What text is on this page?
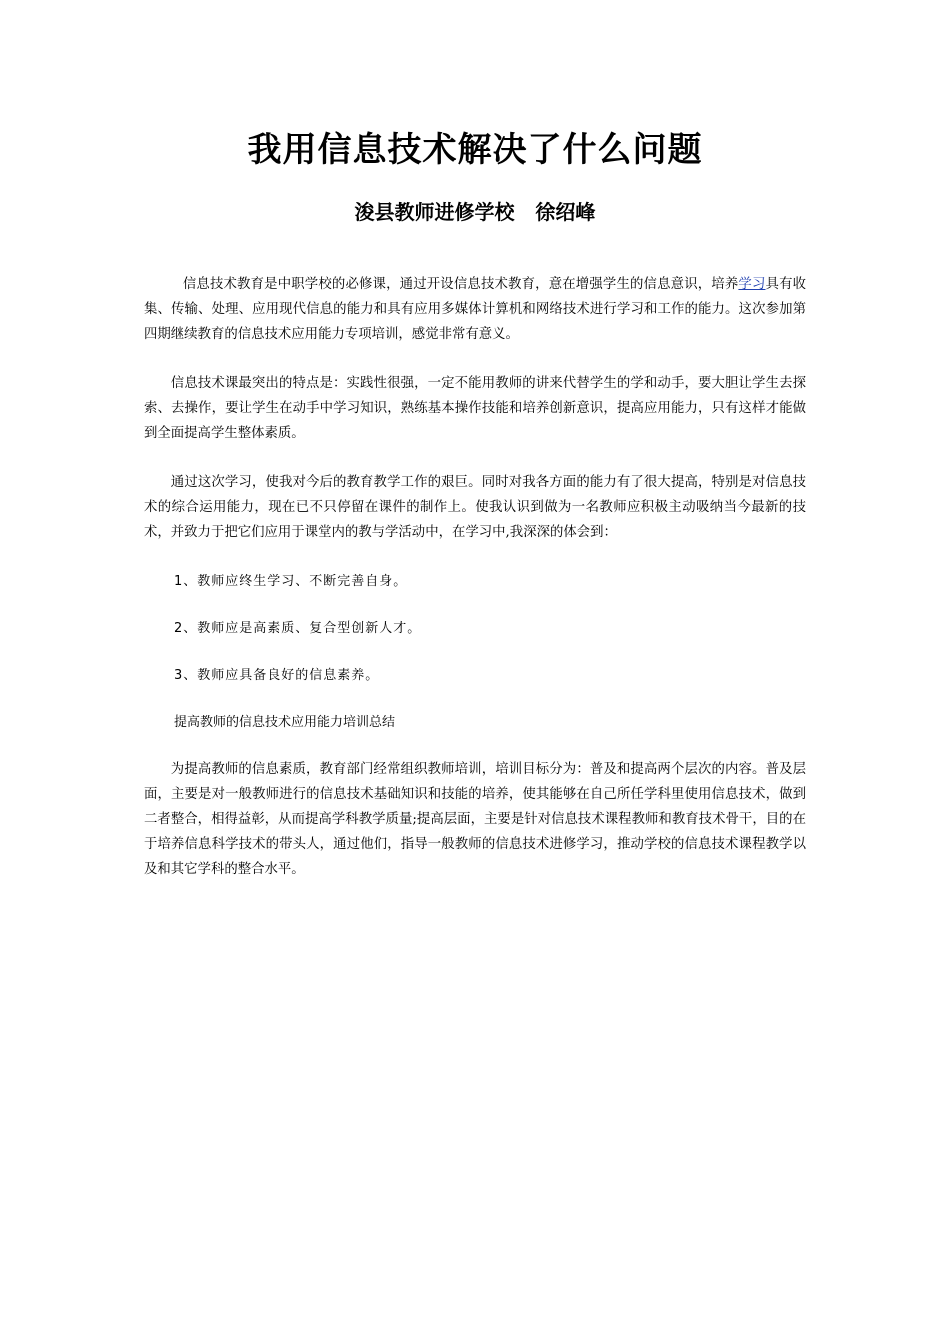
我用信息技术解决了什么问题
浚县教师进修学校   徐绍峰

信息技术教育是中职学校的必修课，通过开设信息技术教育，意在增强学生的信息意识，培养学习具有收集、传输、处理、应用现代信息的能力和具有应用多媒体计算机和网络技术进行学习和工作的能力。这次参加第四期继续教育的信息技术应用能力专项培训，感觉非常有意义。

信息技术课最突出的特点是：实践性很强，一定不能用教师的讲来代替学生的学和动手，要大胆让学生去探索、去操作，要让学生在动手中学习知识，熟练基本操作技能和培养创新意识，提高应用能力，只有这样才能做到全面提高学生整体素质。

通过这次学习，使我对今后的教育教学工作的艰巨。同时对我各方面的能力有了很大提高，特别是对信息技术的综合运用能力，现在已不只停留在课件的制作上。使我认识到做为一名教师应积极主动吸纳当今最新的技术，并致力于把它们应用于课堂内的教与学活动中，在学习中,我深深的体会到：

1、教师应终生学习、不断完善自身。

2、教师应是高素质、复合型创新人才。

3、教师应具备良好的信息素养。

提高教师的信息技术应用能力培训总结

为提高教师的信息素质，教育部门经常组织教师培训，培训目标分为：普及和提高两个层次的内容。普及层面，主要是对一般教师进行的信息技术基础知识和技能的培养，使其能够在自己所任学科里使用信息技术，做到二者整合，相得益彰，从而提高学科教学质量;提高层面，主要是针对信息技术课程教师和教育技术骨干，目的在于培养信息科学技术的带头人，通过他们，指导一般教师的信息技术进修学习，推动学校的信息技术课程教学以及和其它学科的整合水平。
